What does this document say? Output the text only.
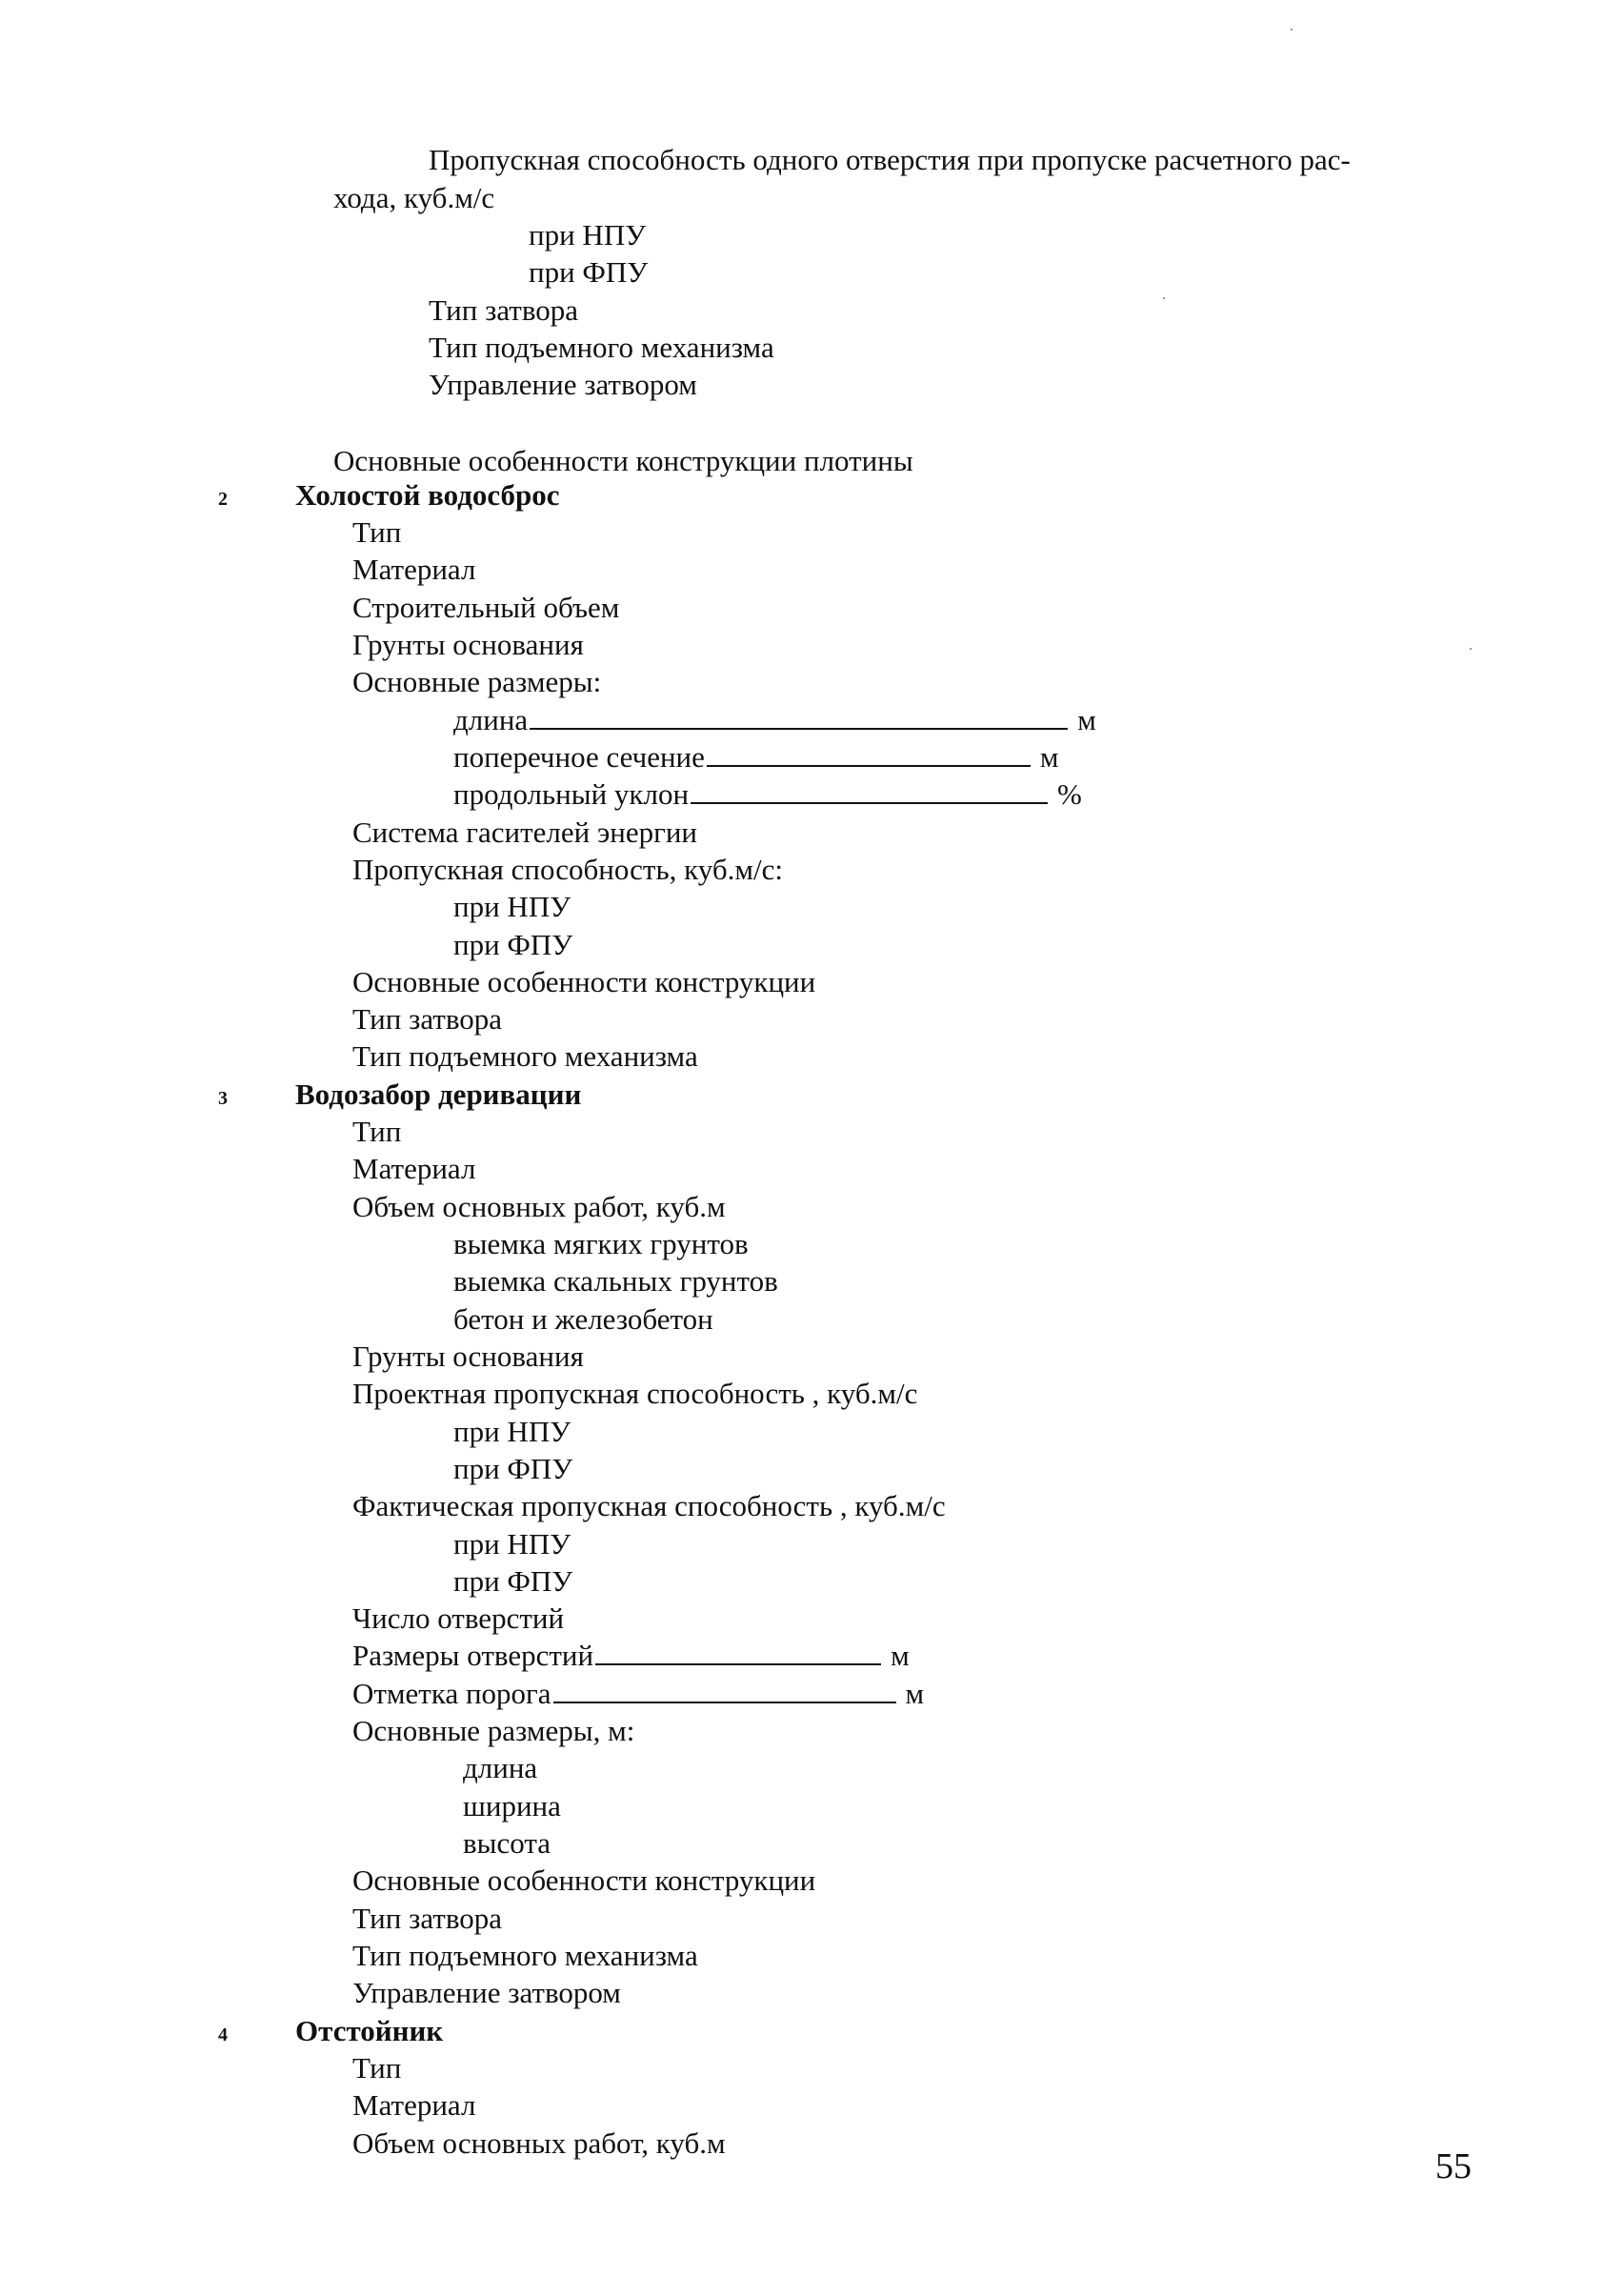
Пропускная способность одного отверстия при пропуске расчетного рас-
хода, куб.м/с
при НПУ
при ФПУ
Тип затвора
Тип подъемного механизма
Управление затвором
Основные особенности конструкции плотины
2 Холостой водосброс
Тип
Материал
Строительный объем
Грунты основания
Основные размеры:
длина	м
поперечное сечение	м
продольный уклон	%
Система гасителей энергии
Пропускная способность, куб.м/с:
при НПУ
при ФПУ
Основные особенности конструкции
Тип затвора
Тип подъемного механизма
3 Водозабор деривации
Тип
Материал
Объем основных работ, куб.м
выемка мягких грунтов
выемка скальных грунтов
бетон и железобетон
Грунты основания
Проектная пропускная способность , куб.м/с
при НПУ
при ФПУ
Фактическая пропускная способность , куб.м/с
при НПУ
при ФПУ
Число отверстий
Размеры отверстий	м
Отметка порога	м
Основные размеры, м:
длина
ширина
высота
Основные особенности конструкции
Тип затвора
Тип подъемного механизма
Управление затвором
4 Отстойник
Тип
Материал
Объем основных работ, куб.м
55
